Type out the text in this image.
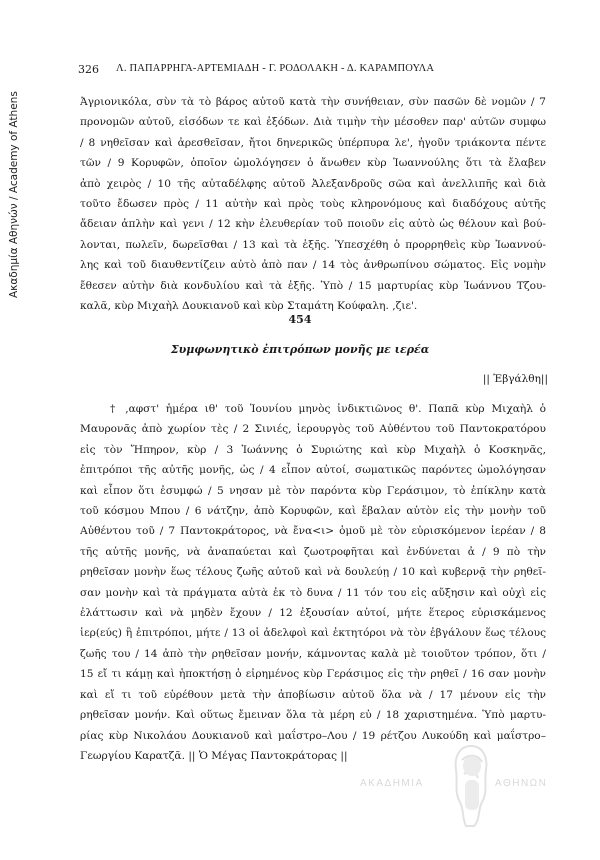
Ακαδημία Αθηνών / Academy of Athens
326 Λ. ΠΑΠΑΡΡΗΓΑ-ΑΡΤΕΜΙΑΔΗ - Γ. ΡΟΔΟΛΑΚΗ - Δ. ΚΑΡΑΜΠΟΥΛΑ
Ἀγριονικόλα, σὺν τὰ τὸ βάρος αὐτοῦ κατὰ τὴν συνήθειαν, σὺν πασῶν δὲ νομῶν / 7
προνομῶν αὐτοῦ, εἰσόδων τε καὶ ἐξόδων. Διὰ τιμὴν τὴν μέσοθεν παρ' αὐτῶν συμφω
/ 8 νηθεῖσαν καὶ ἀρεσθεῖσαν, ἤτοι δηνερικῶς ὑπέρπυρα λε', ἠγοῦν τριάκοντα πέντε
τῶν / 9 Κορυφῶν, ὁποῖον ὡμολόγησεν ὁ ἄνωθεν κὺρ Ἰωαννούλης ὅτι τὰ ἔλαβεν
ἀπὸ χειρὸς / 10 τῆς αὐταδέλφης αὐτοῦ Ἀλεξανδροῦς σῶα καὶ ἀνελλιπῆς καὶ διὰ
τοῦτο ἔδωσεν πρὸς / 11 αὐτὴν καὶ πρὸς τοὺς κληρονόμους καὶ διαδόχους αὐτῆς
ἄδειαν ἀπλὴν καὶ γενι / 12 κὴν ἐλευθερίαν τοῦ ποιοῦν εἰς αὐτὸ ὡς θέλουν καὶ βού-
λονται, πωλεῖν, δωρεῖσθαι / 13 καὶ τὰ ἑξῆς. Ὑπεσχέθη ὁ προρρηθεὶς κὺρ Ἰωαννού-
λης καὶ τοῦ διαυθεντίζειν αὐτὸ ἀπὸ παν / 14 τὸς ἀνθρωπίνου σώματος. Εἰς νομὴν
ἔθεσεν αὐτὴν διὰ κονδυλίου καὶ τὰ ἑξῆς. Ὑπὸ / 15 μαρτυρίας κὺρ Ἰωάννου Τζου-
καλᾶ, κὺρ Μιχαὴλ Δουκιανοῦ καὶ κὺρ Σταμάτη Κούφαλη. ,ζιε'.
454
Συμφωνητικὸ ἐπιτρόπων μονῆς με ιερέα
|| Ἐβγάλθη||
† ,αφστ' ἡμέρα ιθ' τοῦ Ἰουνίου μηνὸς ἰνδικτιῶνος θ'. Παπᾶ κὺρ Μιχαὴλ ὁ
Μαυρονᾶς ἀπὸ χωρίον τὲς / 2 Σινιές, ἱερουργὸς τοῦ Αὐθέντου τοῦ Παντοκρατόρου
εἰς τὸν Ἤπηρον, κὺρ / 3 Ἰωάννης ὁ Συριώτης καὶ κὺρ Μιχαὴλ ὁ Κοσκηνᾶς,
ἐπιτρόποι τῆς αὐτῆς μονῆς, ὡς / 4 εἶπον αὐτοί, σωματικῶς παρόντες ὡμολόγησαν
καὶ εἶπον ὅτι ἐσυμφώ / 5 νησαν μὲ τὸν παρόντα κὺρ Γεράσιμον, τὸ ἐπίκλην κατὰ
τοῦ κόσμου Μπου / 6 νάτζην, ἀπὸ Κορυφῶν, καὶ ἔβαλαν αὐτὸν εἰς τὴν μονὴν τοῦ
Αὐθέντου τοῦ / 7 Παντοκράτορος, νὰ ἔνα<ι> ὁμοῦ μὲ τὸν εὑρισκόμενον ἱερέαν / 8
τῆς αὐτῆς μονῆς, νὰ ἀναπαύεται καὶ ζωοτροφῆται καὶ ἐνδύνεται ἀ / 9 πὸ τὴν
ρηθεῖσαν μονὴν ἕως τέλους ζωῆς αὐτοῦ καὶ νὰ δουλεύῃ / 10 καὶ κυβερνᾷ τὴν ρηθεῖ-
σαν μονὴν καὶ τὰ πράγματα αὐτὰ ἐκ τὸ δυνα / 11 τόν του εἰς αὔξησιν καὶ οὐχὶ εἰς
ἐλάττωσιν καὶ νὰ μηδὲν ἔχουν / 12 ἐξουσίαν αὐτοί, μήτε ἕτερος εὑρισκάμενος
ἱερ(εύς) ἢ ἐπιτρόποι, μήτε / 13 οἱ ἀδελφοὶ καὶ ἐκτητόροι νὰ τὸν ἐβγάλουν ἕως τέλους
ζωῆς του / 14 ἀπὸ τὴν ρηθεῖσαν μονήν, κάμνοντας καλὰ μὲ τοιοῦτον τρόπον, ὅτι /
15 εἴ τι κάμῃ καὶ ἡποκτήσῃ ὁ εἰρημένος κὺρ Γεράσιμος εἰς τὴν ρηθεῖ / 16 σαν μονὴν
καὶ εἴ τι τοῦ εὑρέθουν μετὰ τὴν ἀποβίωσιν αὐτοῦ ὅλα νὰ / 17 μένουν εἰς τὴν
ρηθεῖσαν μονήν. Καὶ οὕτως ἔμειναν ὅλα τὰ μέρη εὐ / 18 χαριστημένα. Ὑπὸ μαρτυ-
ρίας κὺρ Νικολάου Δουκιανοῦ καὶ μαΐστρο–Λου / 19 ρέτζου Λυκούδη καὶ μαΐστρο–
Γεωργίου Καρατζᾶ. || Ὁ Μέγας Παντοκράτορας ||
ΑΚΑΔΗΜΙΑ	ΑΘΗΝΩΝ
